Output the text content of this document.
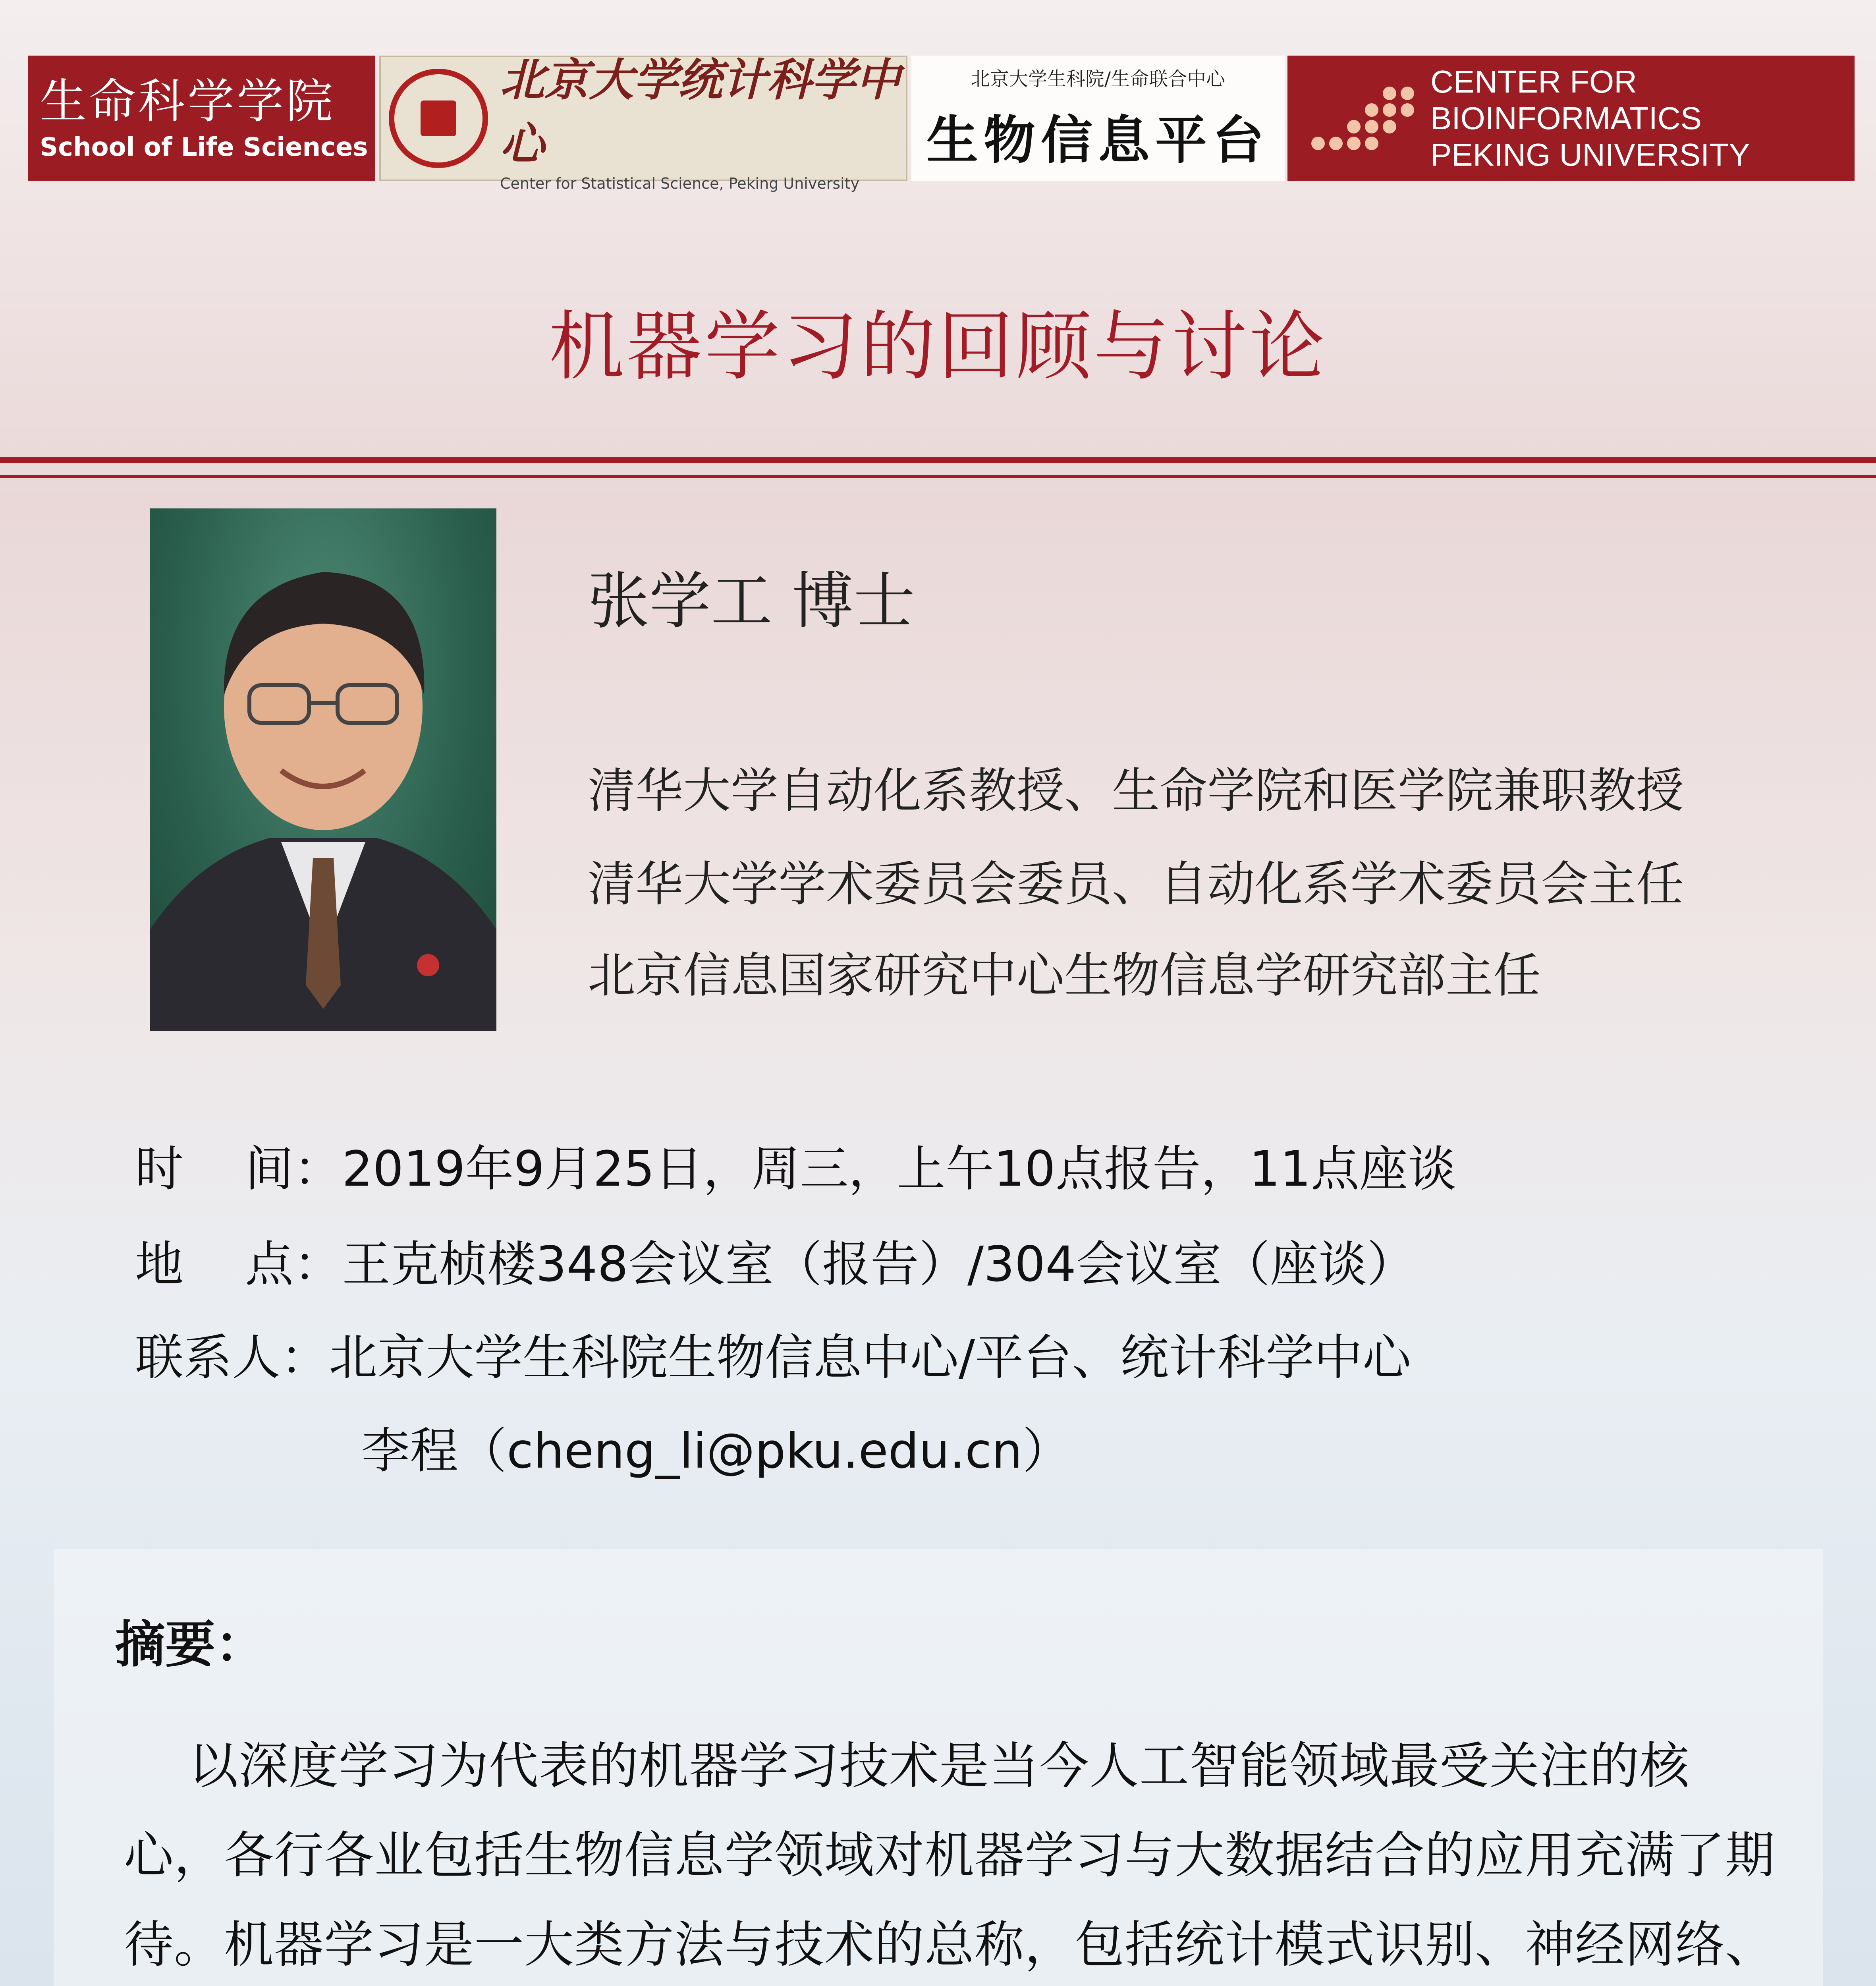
生命科学学院
School of Life Sciences
北京大学统计科学中心
Center for Statistical Science, Peking University
北京大学生科院/生命联合中心
生物信息平台
CENTER FOR BIOINFORMATICS
PEKING UNIVERSITY
机器学习的回顾与讨论
张学工 博士
清华大学自动化系教授、生命学院和医学院兼职教授
清华大学学术委员会委员、自动化系学术委员会主任
北京信息国家研究中心生物信息学研究部主任
时    间：2019年9月25日，周三，上午10点报告，11点座谈
地    点：王克桢楼348会议室（报告）/304会议室（座谈）
联系人：北京大学生科院生物信息中心/平台、统计科学中心
李程（cheng_li@pku.edu.cn）
摘要：
以深度学习为代表的机器学习技术是当今人工智能领域最受关注的核
心，各行各业包括生物信息学领域对机器学习与大数据结合的应用充满了期
待。机器学习是一大类方法与技术的总称，包括统计模式识别、神经网络、
